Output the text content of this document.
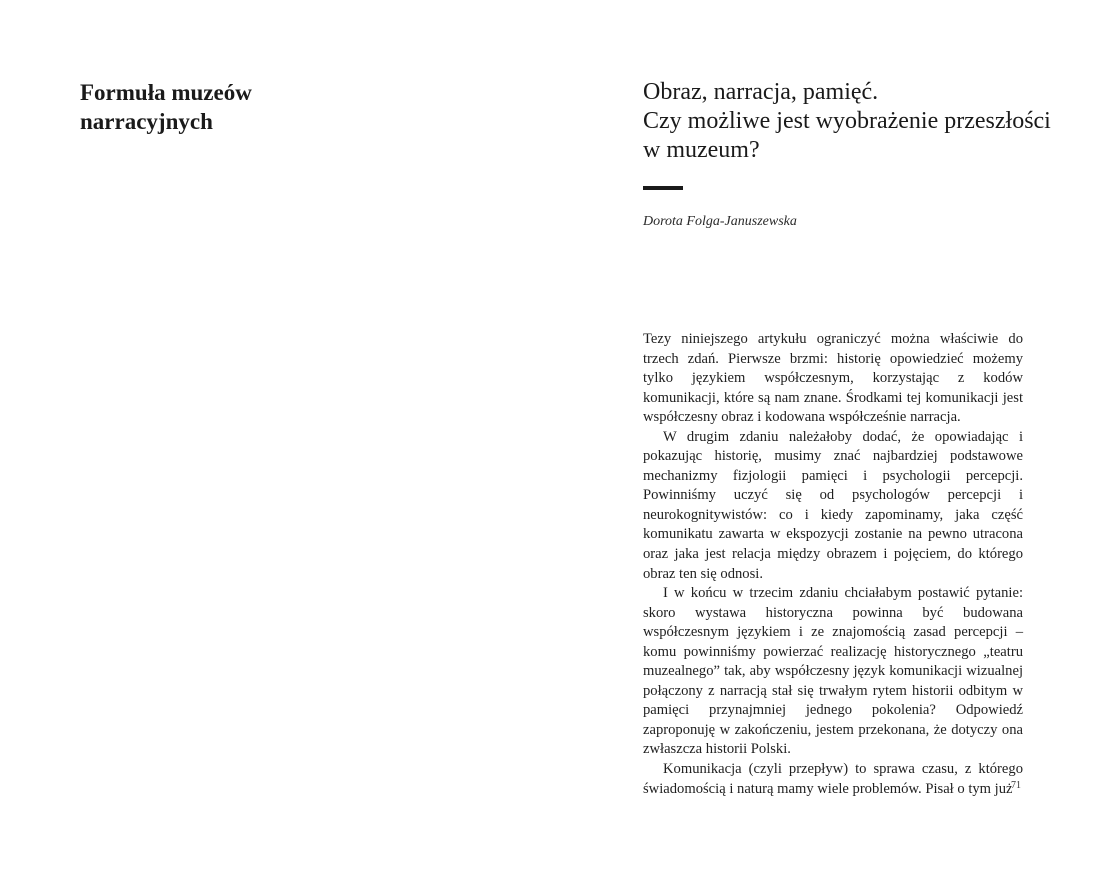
Formuła muzeów
narracyjnych
Obraz, narracja, pamięć.
Czy możliwe jest wyobrażenie przeszłości
w muzeum?

Dorota Folga-Januszewska

Tezy niniejszego artykułu ograniczyć można właściwie do trzech zdań. Pierwsze brzmi: historię opowiedzieć możemy tylko językiem współczesnym, korzystając z kodów komunikacji, które są nam znane. Środkami tej komunikacji jest współczesny obraz i kodowana współcześnie narracja.

W drugim zdaniu należałoby dodać, że opowiadając i pokazując historię, musimy znać najbardziej podstawowe mechanizmy fizjologii pamięci i psychologii percepcji. Powinniśmy uczyć się od psychologów percepcji i neurokognitywistów: co i kiedy zapominamy, jaka część komunikatu zawarta w ekspozycji zostanie na pewno utracona oraz jaka jest relacja między obrazem i pojęciem, do którego obraz ten się odnosi.

I w końcu w trzecim zdaniu chciałabym postawić pytanie: skoro wystawa historyczna powinna być budowana współczesnym językiem i ze znajomością zasad percepcji – komu powinniśmy powierzać realizację historycznego „teatru muzealnego” tak, aby współczesny język komunikacji wizualnej połączony z narracją stał się trwałym rytem historii odbitym w pamięci przynajmniej jednego pokolenia? Odpowiedź zaproponuję w zakończeniu, jestem przekonana, że dotyczy ona zwłaszcza historii Polski.

Komunikacja (czyli przepływ) to sprawa czasu, z którego świadomością i naturą mamy wiele problemów. Pisał o tym już

71
